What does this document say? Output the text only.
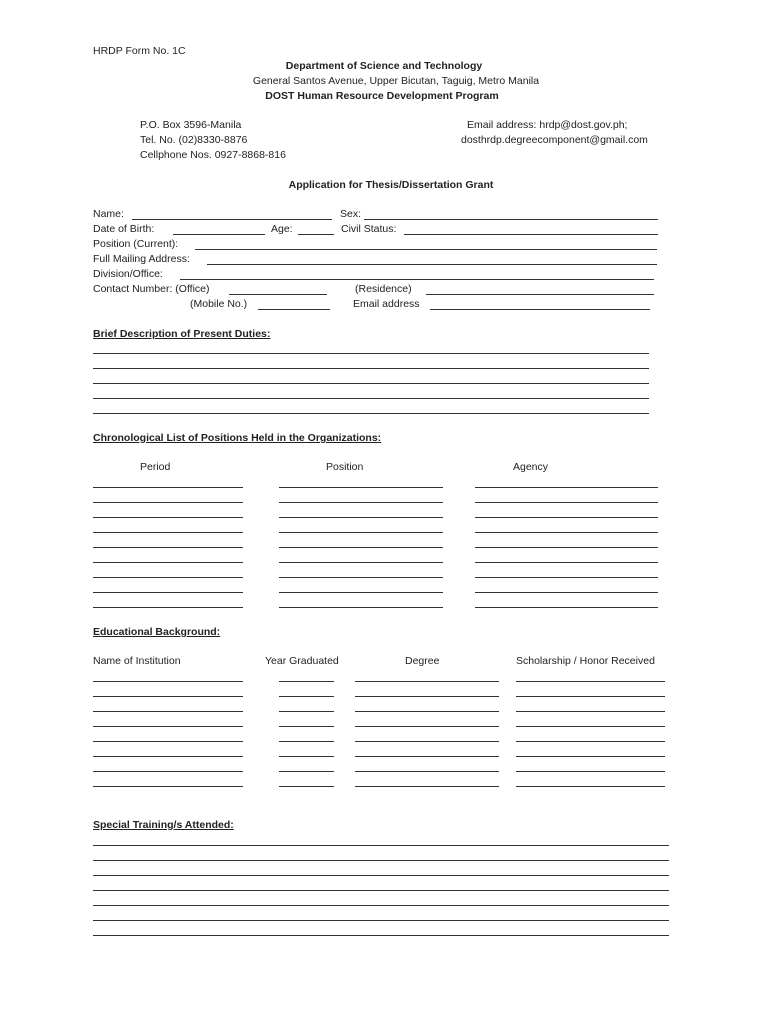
HRDP Form No. 1C
Department of Science and Technology
General Santos Avenue, Upper Bicutan, Taguig, Metro Manila
DOST Human Resource Development Program
P.O. Box 3596-Manila
Tel. No. (02)8330-8876
Cellphone Nos. 0927-8868-816
Email address: hrdp@dost.gov.ph;
dosthrdp.degreecomponent@gmail.com
Application for Thesis/Dissertation Grant
Name:	Sex:
Date of Birth:	Age:	Civil Status:
Position (Current):
Full Mailing Address:
Division/Office:
Contact Number: (Office)	(Residence)
(Mobile No.)	Email address
Brief Description of Present Duties:
Chronological List of Positions Held in the Organizations:
Period	Position	Agency
Educational Background:
Name of Institution	Year Graduated	Degree	Scholarship / Honor Received
Special Training/s Attended:
